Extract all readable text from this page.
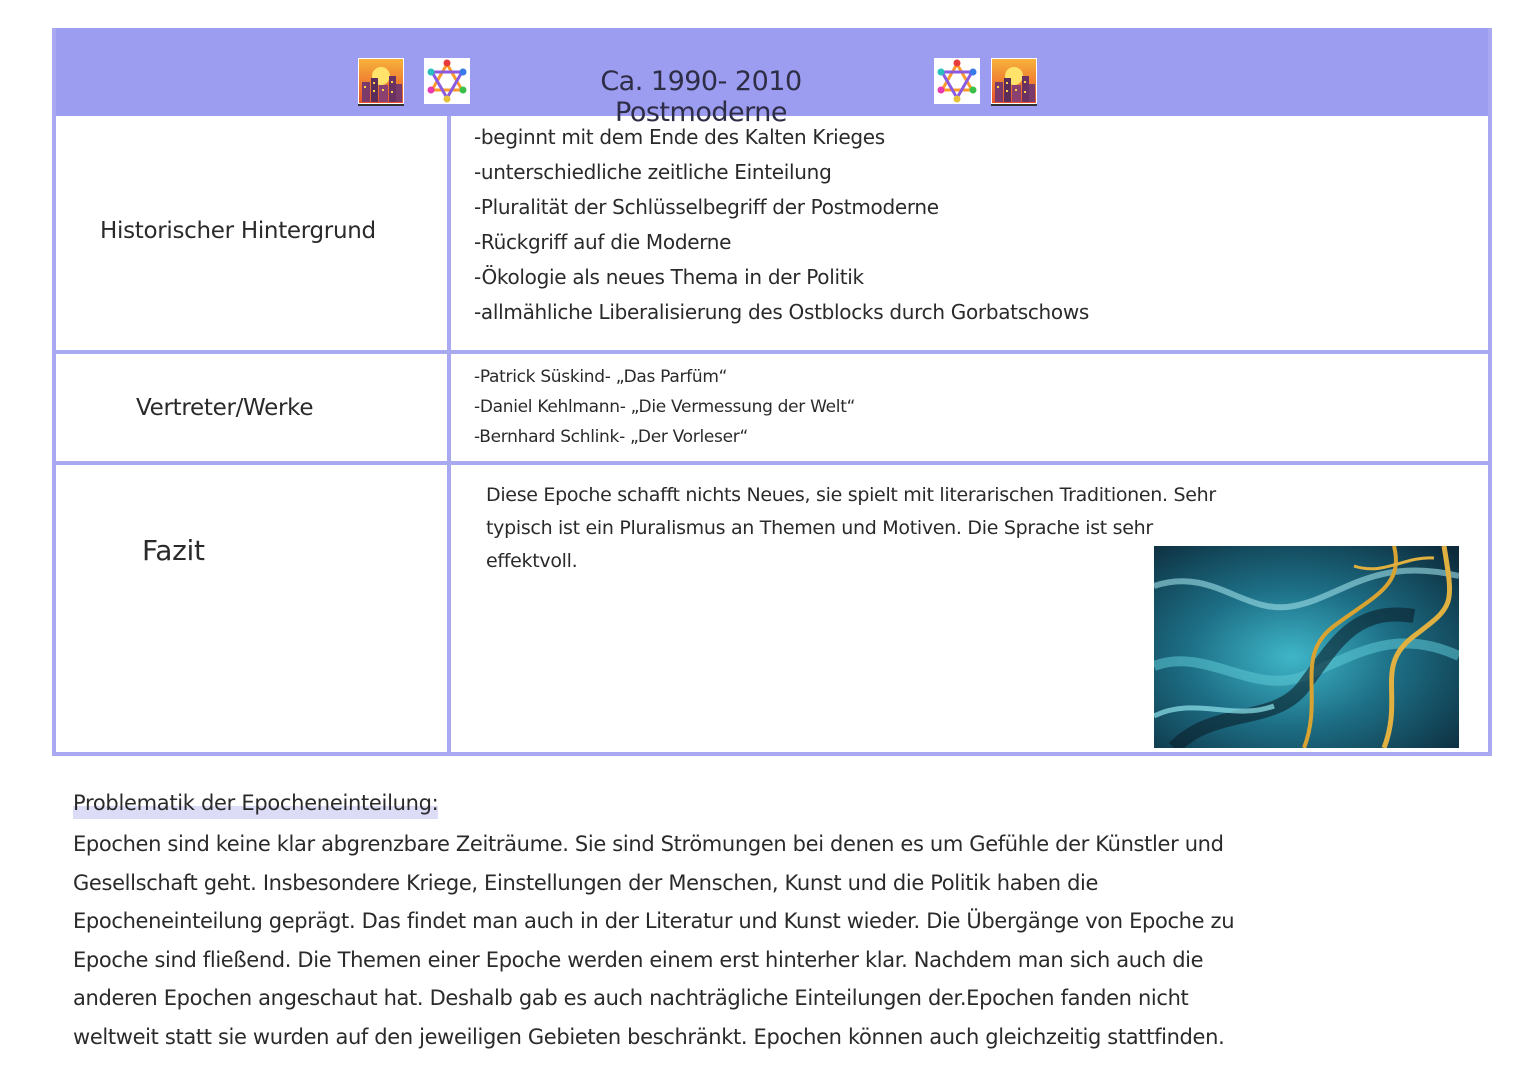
Ca. 1990- 2010 Postmoderne
Historischer Hintergrund
-beginnt mit dem Ende des Kalten Krieges
-unterschiedliche zeitliche Einteilung
-Pluralität der Schlüsselbegriff der Postmoderne
-Rückgriff auf die Moderne
-Ökologie als neues Thema in der Politik
-allmähliche Liberalisierung des Ostblocks durch Gorbatschows
Vertreter/Werke
-Patrick Süskind- „Das Parfüm“
-Daniel Kehlmann- „Die Vermessung der Welt“
-Bernhard Schlink- „Der Vorleser“
Fazit
Diese Epoche schafft nichts Neues, sie spielt mit literarischen Traditionen. Sehr typisch ist ein Pluralismus an Themen und Motiven. Die Sprache ist sehr effektvoll.
Problematik der Epocheneinteilung:

Epochen sind keine klar abgrenzbare Zeiträume. Sie sind Strömungen bei denen es um Gefühle der Künstler und Gesellschaft geht. Insbesondere Kriege, Einstellungen der Menschen, Kunst und die Politik haben die Epocheneinteilung geprägt. Das findet man auch in der Literatur und Kunst wieder. Die Übergänge von Epoche zu Epoche sind fließend. Die Themen einer Epoche werden einem erst hinterher klar. Nachdem man sich auch die anderen Epochen angeschaut hat. Deshalb gab es auch nachträgliche Einteilungen der.Epochen fanden nicht weltweit statt sie wurden auf den jeweiligen Gebieten beschränkt. Epochen können auch gleichzeitig stattfinden.
